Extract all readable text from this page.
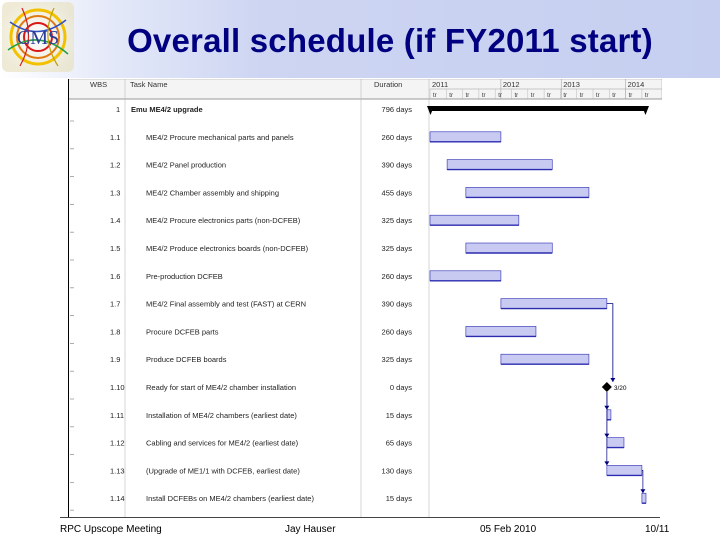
CMS	Overall schedule (if FY2011 start)
WBS	Task Name	Duration	2011	2012	2013	2014
tr tr tr tr tr tr tr tr tr tr tr tr tr tr
1 Emu ME4/2 upgrade	796 days
1.1	ME4/2 Procure mechanical parts and panels	260 days
1.2	ME4/2 Panel production	390 days
1.3	ME4/2 Chamber assembly and shipping	455 days
1.4	ME4/2 Procure electronics parts (non-DCFEB)	325 days
1.5	ME4/2 Produce electronics boards (non-DCFEB)	325 days
1.6	Pre-production DCFEB	260 days
1.7	ME4/2 Final assembly and test (FAST) at CERN	390 days
1.8	Procure DCFEB parts	260 days
1.9	Produce DCFEB boards	325 days
1.10	Ready for start of ME4/2 chamber installation	0 days	3/20
1.11	Installation of ME4/2 chambers (earliest date)	15 days
1.12	Cabling and services for ME4/2 (earliest date)	65 days
1.13	(Upgrade of ME1/1 with DCFEB, earliest date)	130 days
1.14	Install DCFEBs on ME4/2 chambers (earliest date)	15 days
RPC Upscope Meeting	Jay Hauser	05 Feb 2010	10/11
